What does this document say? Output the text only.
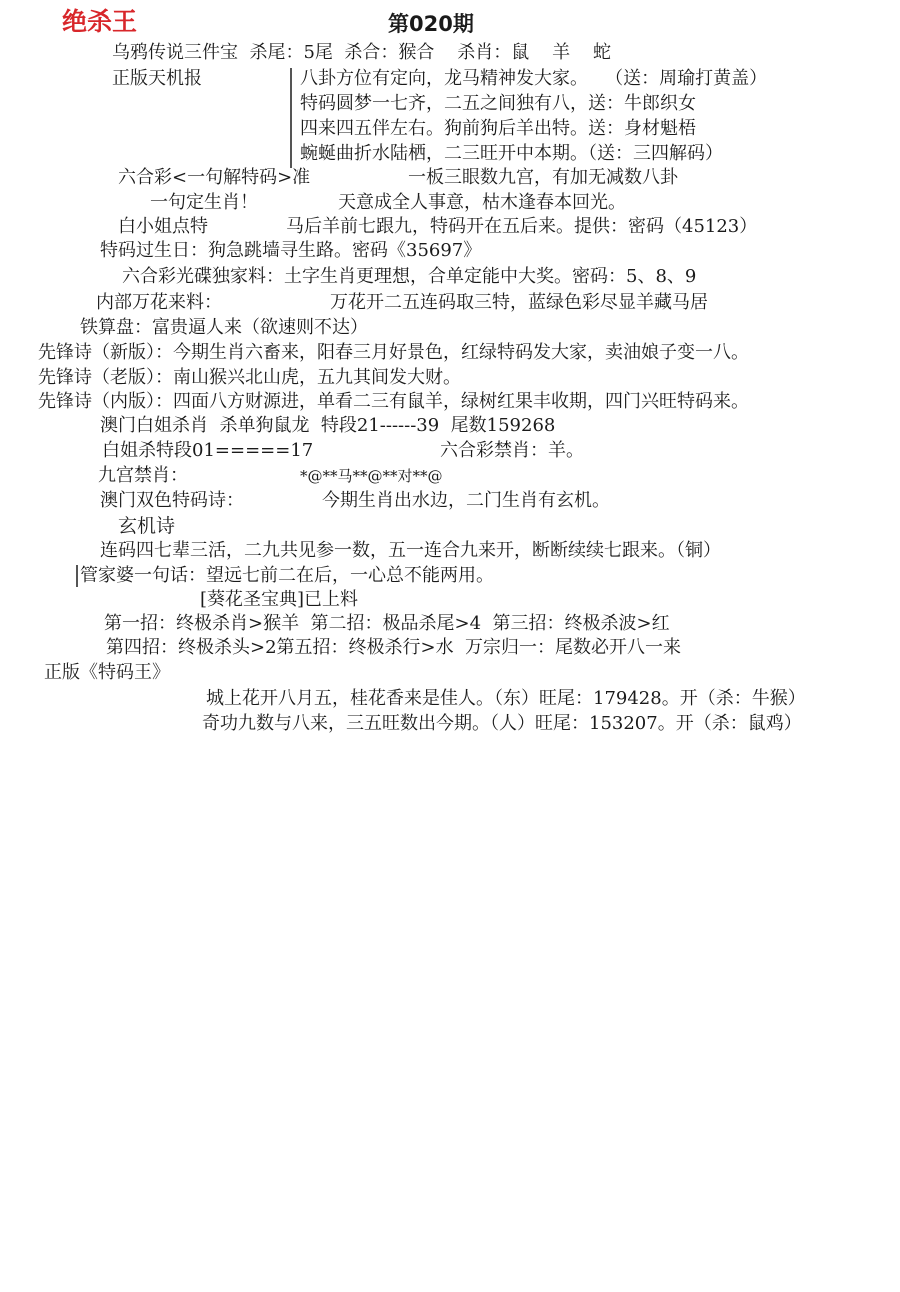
绝杀王	第020期
乌鸦传说三件宝  杀尾：5尾  杀合：猴合    杀肖：鼠    羊    蛇
正版天机报	八卦方位有定向，龙马精神发大家。   （送：周瑜打黄盖）
特码圆梦一七齐，二五之间独有八，送：牛郎织女
四来四五伴左右。狗前狗后羊出特。送：身材魁梧
蜿蜒曲折水陆栖，二三旺开中本期。（送：三四解码）
六合彩<一句解特码>准	一板三眼数九宫，有加无减数八卦
一句定生肖！	天意成全人事意，枯木逢春本回光。
白小姐点特	马后羊前七跟九，特码开在五后来。提供：密码（45123）
特码过生日：狗急跳墙寻生路。密码《35697》
六合彩光碟独家料：土字生肖更理想，合单定能中大奖。密码：5、8、9
内部万花来料：	万花开二五连码取三特，蓝绿色彩尽显羊藏马居
铁算盘：富贵逼人来（欲速则不达）
先锋诗（新版）：今期生肖六畜来，阳春三月好景色，红绿特码发大家，卖油娘子变一八。
先锋诗（老版）：南山猴兴北山虎，五九其间发大财。
先锋诗（内版）：四面八方财源进，单看二三有鼠羊，绿树红果丰收期，四门兴旺特码来。
澳门白姐杀肖  杀单狗鼠龙  特段21------39  尾数159268
白姐杀特段01=====17	六合彩禁肖：羊。
九宫禁肖：	*@**马**@**对**@
澳门双色特码诗：	今期生肖出水边，二门生肖有玄机。
玄机诗
连码四七辈三活，二九共见参一数，五一连合九来开，断断续续七跟来。（铜）
管家婆一句话：望远七前二在后，一心总不能两用。
[葵花圣宝典]已上料
第一招：终极杀肖>猴羊  第二招：极品杀尾>4  第三招：终极杀波>红
第四招：终极杀头>2第五招：终极杀行>水  万宗归一：尾数必开八一来
正版《特码王》
城上花开八月五，桂花香来是佳人。（东）旺尾：179428。开（杀：牛猴）
奇功九数与八来，三五旺数出今期。（人）旺尾：153207。开（杀：鼠鸡）
